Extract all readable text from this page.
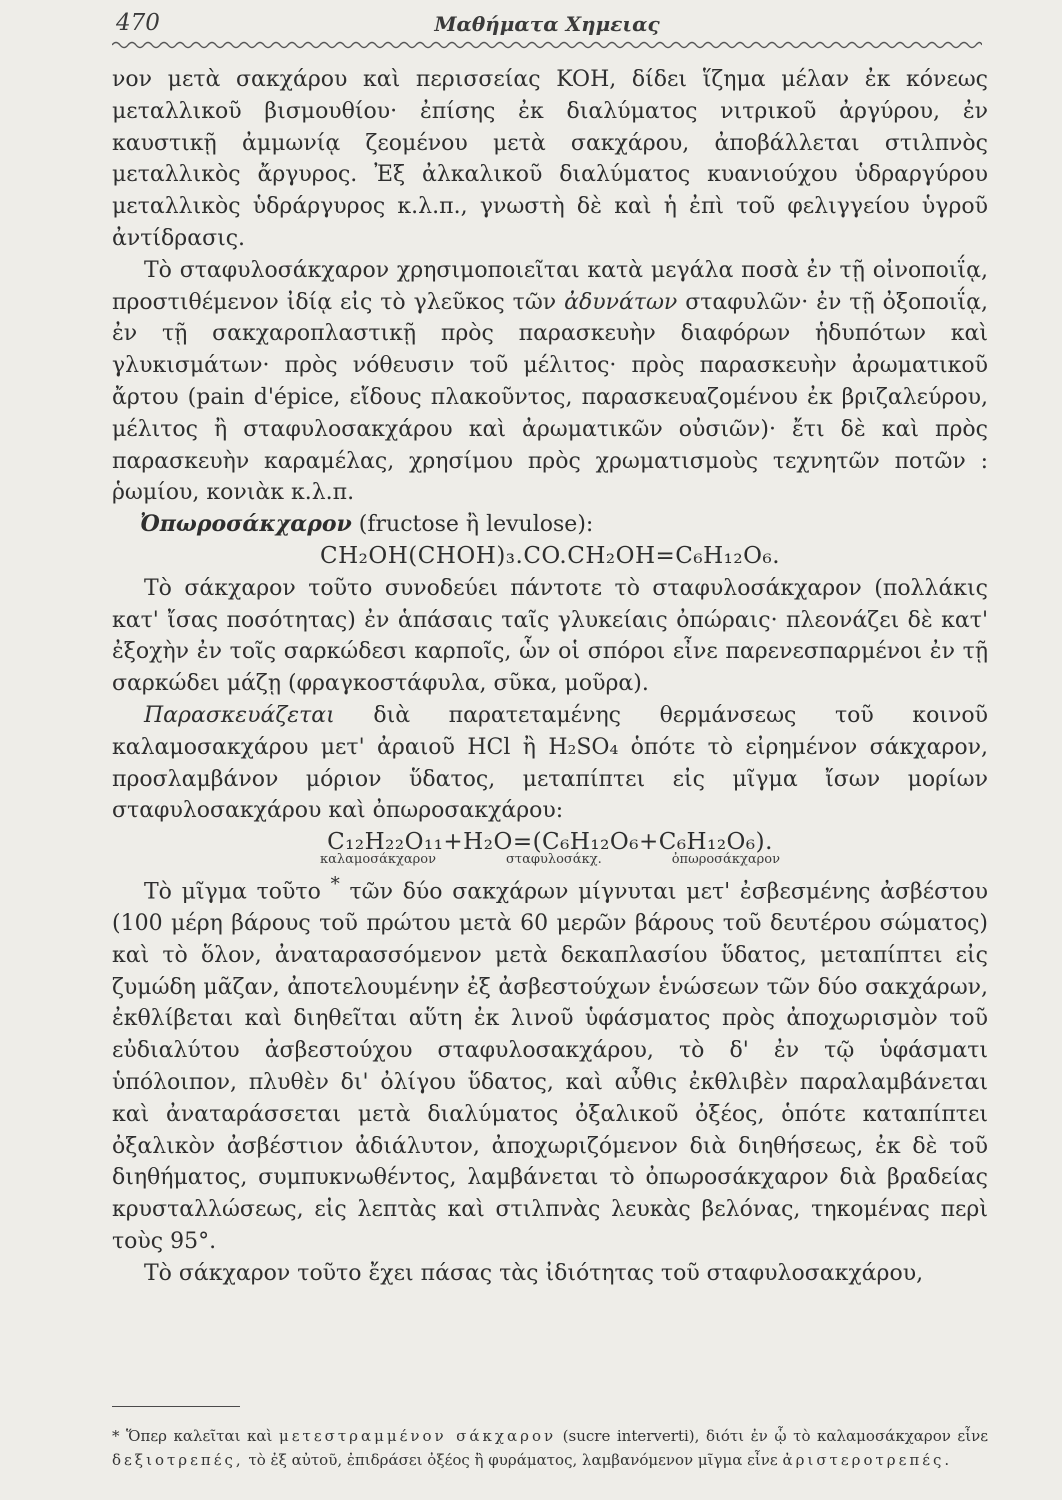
470	Μαθήματα Χημειας

νον μετὰ σακχάρου καὶ περισσείας KOH, δίδει ἵζημα μέλαν ἐκ κόνεως μεταλλικοῦ βισμουθίου· ἐπίσης ἐκ διαλύματος νιτρικοῦ ἀργύρου, ἐν καυστικῇ ἀμμωνίᾳ ζεομένου μετὰ σακχάρου, ἀποβάλλεται στιλπνὸς μεταλλικὸς ἄργυρος. Ἐξ ἀλκαλικοῦ διαλύματος κυανιούχου ὑδραργύρου μεταλλικὸς ὑδράργυρος κ.λ.π., γνωστὴ δὲ καὶ ἡ ἐπὶ τοῦ φελιγγείου ὑγροῦ ἀντίδρασις.

Τὸ σταφυλοσάκχαρον χρησιμοποιεῖται κατὰ μεγάλα ποσὰ ἐν τῇ οἰνοποιΐᾳ, προστιθέμενον ἰδίᾳ εἰς τὸ γλεῦκος τῶν ἀδυνάτων σταφυλῶν· ἐν τῇ ὀξοποιΐᾳ, ἐν τῇ σακχαροπλαστικῇ πρὸς παρασκευὴν διαφόρων ἡδυπότων καὶ γλυκισμάτων· πρὸς νόθευσιν τοῦ μέλιτος· πρὸς παρασκευὴν ἀρωματικοῦ ἄρτου (pain d'épice, εἴδους πλακοῦντος, παρασκευαζομένου ἐκ βριζαλεύρου, μέλιτος ἢ σταφυλοσακχάρου καὶ ἀρωματικῶν οὐσιῶν)· ἔτι δὲ καὶ πρὸς παρασκευὴν καραμέλας, χρησίμου πρὸς χρωματισμοὺς τεχνητῶν ποτῶν : ῥωμίου, κονιὰκ κ.λ.π.

Ὀπωροσάκχαρον (fructose ἢ levulose):

CH₂OH(CHOH)₃.CO.CH₂OH=C₆H₁₂O₆.

Τὸ σάκχαρον τοῦτο συνοδεύει πάντοτε τὸ σταφυλοσάκχαρον (πολλάκις κατ' ἴσας ποσότητας) ἐν ἁπάσαις ταῖς γλυκείαις ὀπώραις· πλεονάζει δὲ κατ' ἐξοχὴν ἐν τοῖς σαρκώδεσι καρποῖς, ὧν οἱ σπόροι εἶνε παρενεσπαρμένοι ἐν τῇ σαρκώδει μάζῃ (φραγκοστάφυλα, σῦκα, μοῦρα).

Παρασκευάζεται διὰ παρατεταμένης θερμάνσεως τοῦ κοινοῦ καλαμοσακχάρου μετ' ἀραιοῦ HCl ἢ H₂SO₄ ὁπότε τὸ εἰρημένον σάκχαρον, προσλαμβάνον μόριον ὕδατος, μεταπίπτει εἰς μῖγμα ἴσων μορίων σταφυλοσακχάρου καὶ ὀπωροσακχάρου:

C₁₂H₂₂O₁₁+H₂O=(C₆H₁₂O₆+C₆H₁₂O₆).

καλαμοσάκχαρον	σταφυλοσάκχ.	ὀπωροσάκχαρον

Τὸ μῖγμα τοῦτο * τῶν δύο σακχάρων μίγνυται μετ' ἐσβεσμένης ἀσβέστου (100 μέρη βάρους τοῦ πρώτου μετὰ 60 μερῶν βάρους τοῦ δευτέρου σώματος) καὶ τὸ ὅλον, ἀναταρασσόμενον μετὰ δεκαπλασίου ὕδατος, μεταπίπτει εἰς ζυμώδη μᾶζαν, ἀποτελουμένην ἐξ ἀσβεστούχων ἑνώσεων τῶν δύο σακχάρων, ἐκθλίβεται καὶ διηθεῖται αὕτη ἐκ λινοῦ ὑφάσματος πρὸς ἀποχωρισμὸν τοῦ εὐδιαλύτου ἀσβεστούχου σταφυλοσακχάρου, τὸ δ' ἐν τῷ ὑφάσματι ὑπόλοιπον, πλυθὲν δι' ὀλίγου ὕδατος, καὶ αὖθις ἐκθλιβὲν παραλαμβάνεται καὶ ἀναταράσσεται μετὰ διαλύματος ὀξαλικοῦ ὀξέος, ὁπότε καταπίπτει ὀξαλικὸν ἀσβέστιον ἀδιάλυτον, ἀποχωριζόμενον διὰ διηθήσεως, ἐκ δὲ τοῦ διηθήματος, συμπυκνωθέντος, λαμβάνεται τὸ ὀπωροσάκχαρον διὰ βραδείας κρυσταλλώσεως, εἰς λεπτὰς καὶ στιλπνὰς λευκὰς βελόνας, τηκομένας περὶ τοὺς 95°.

Τὸ σάκχαρον τοῦτο ἔχει πάσας τὰς ἰδιότητας τοῦ σταφυλοσακχάρου,

* Ὅπερ καλεῖται καὶ μετεστραμμένον σάκχαρον (sucre interverti), διότι ἐν ᾧ τὸ καλαμοσάκχαρον εἶνε δεξιοτρεπές, τὸ ἐξ αὐτοῦ, ἐπιδράσει ὀξέος ἢ φυράματος, λαμβανόμενον μῖγμα εἶνε ἀριστεροτρεπές.
